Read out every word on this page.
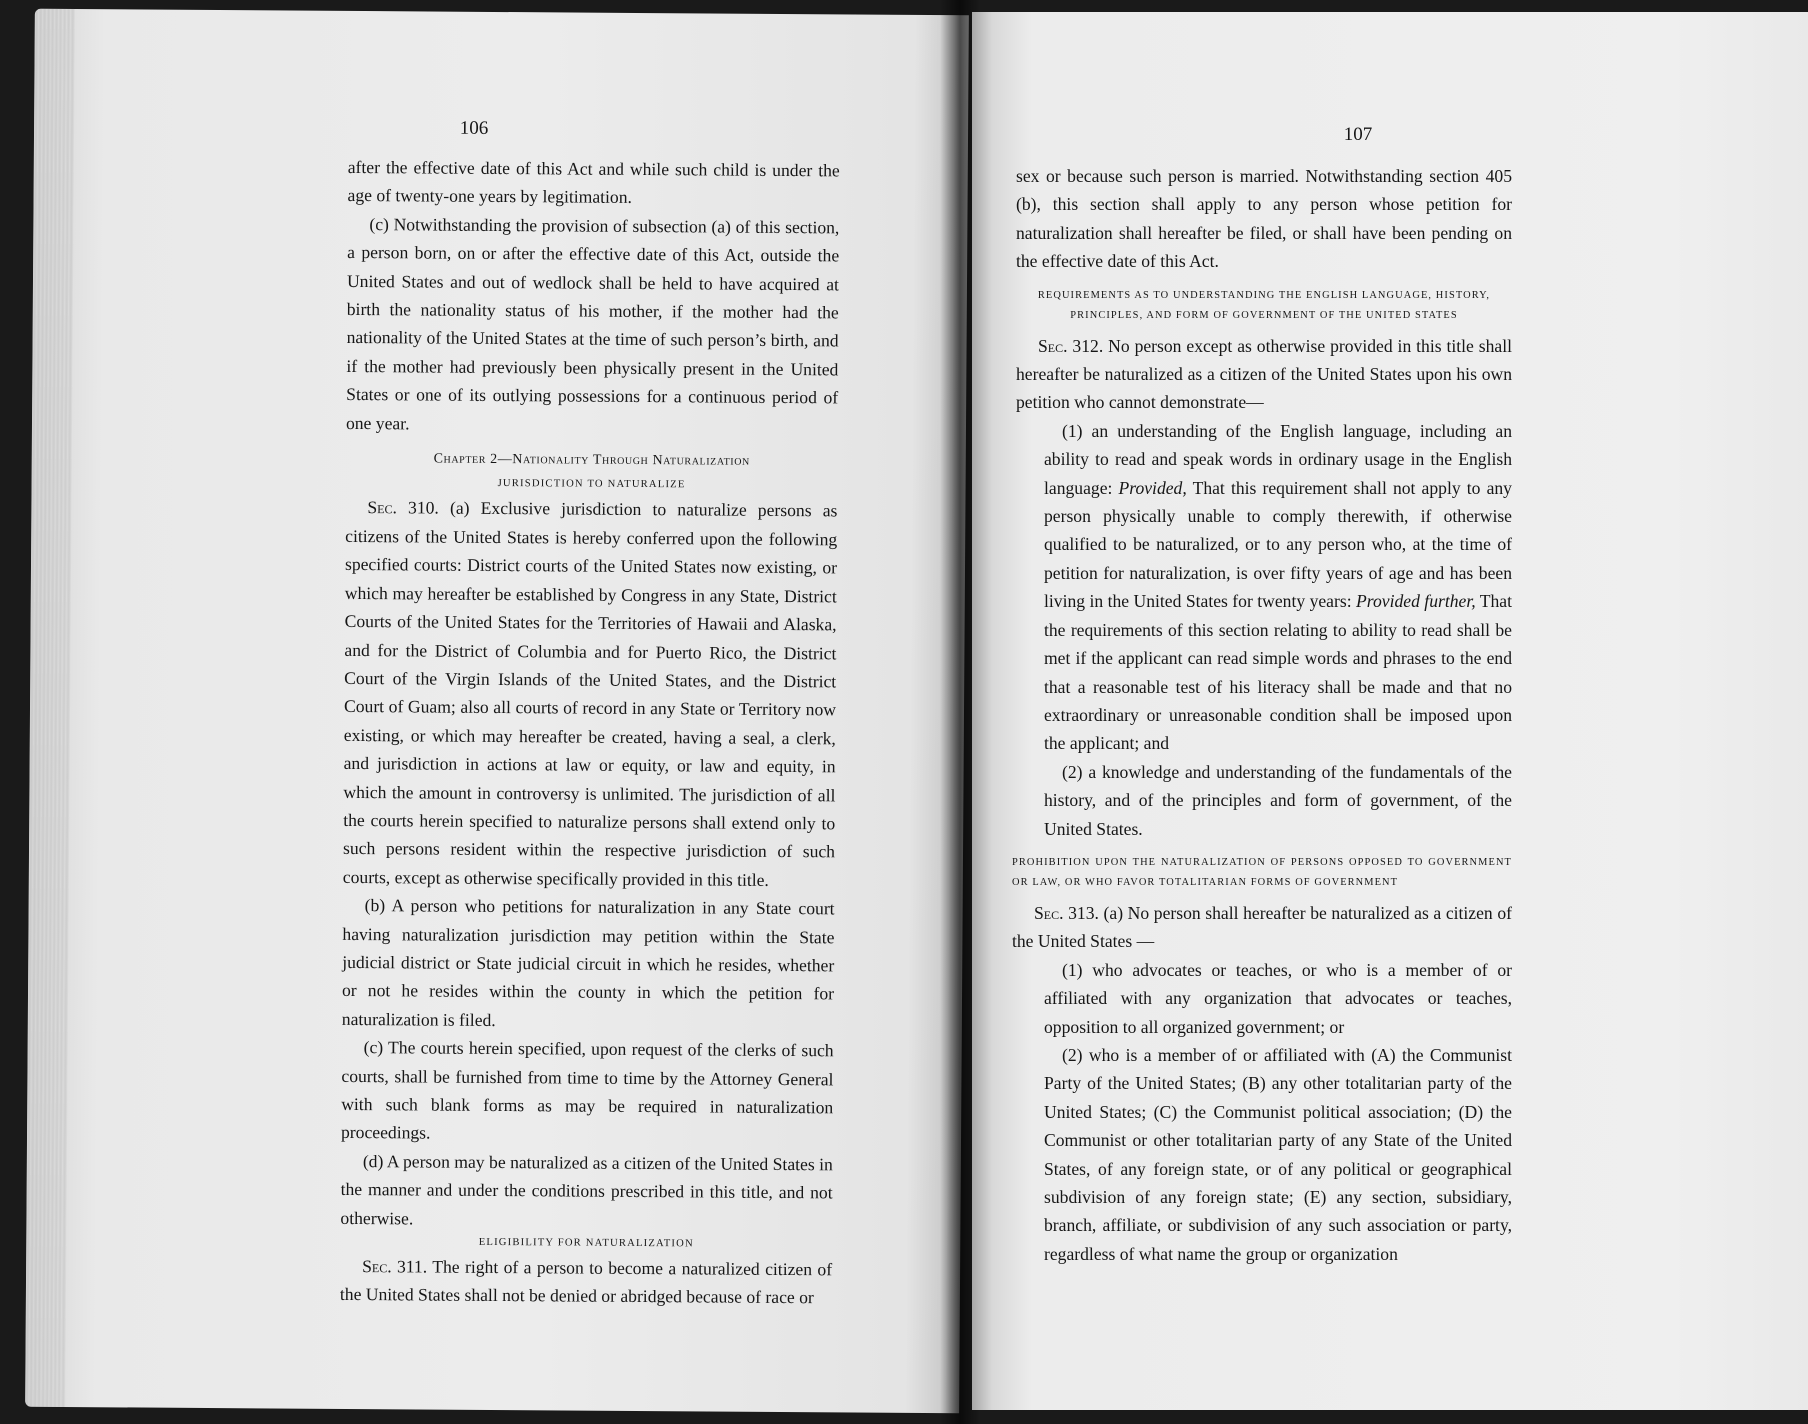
106

after the effective date of this Act and while such child is under the age of twenty-one years by legitimation.

(c) Notwithstanding the provision of subsection (a) of this section, a person born, on or after the effective date of this Act, outside the United States and out of wedlock shall be held to have acquired at birth the nationality status of his mother, if the mother had the nationality of the United States at the time of such person’s birth, and if the mother had previously been physically present in the United States or one of its outlying possessions for a continuous period of one year.

Chapter 2—Nationality Through Naturalization

JURISDICTION TO NATURALIZE

Sec. 310. (a) Exclusive jurisdiction to naturalize persons as citizens of the United States is hereby conferred upon the following specified courts: District courts of the United States now existing, or which may hereafter be established by Congress in any State, District Courts of the United States for the Territories of Hawaii and Alaska, and for the District of Columbia and for Puerto Rico, the District Court of the Virgin Islands of the United States, and the District Court of Guam; also all courts of record in any State or Territory now existing, or which may hereafter be created, having a seal, a clerk, and jurisdiction in actions at law or equity, or law and equity, in which the amount in controversy is unlimited. The jurisdiction of all the courts herein specified to naturalize persons shall extend only to such persons resident within the respective jurisdiction of such courts, except as otherwise specifically provided in this title.

(b) A person who petitions for naturalization in any State court having naturalization jurisdiction may petition within the State judicial district or State judicial circuit in which he resides, whether or not he resides within the county in which the petition for naturalization is filed.

(c) The courts herein specified, upon request of the clerks of such courts, shall be furnished from time to time by the Attorney General with such blank forms as may be required in naturalization proceedings.

(d) A person may be naturalized as a citizen of the United States in the manner and under the conditions prescribed in this title, and not otherwise.

ELIGIBILITY FOR NATURALIZATION

Sec. 311. The right of a person to become a naturalized citizen of the United States shall not be denied or abridged because of race or

107

sex or because such person is married. Notwithstanding section 405 (b), this section shall apply to any person whose petition for naturalization shall hereafter be filed, or shall have been pending on the effective date of this Act.

REQUIREMENTS AS TO UNDERSTANDING THE ENGLISH LANGUAGE, HISTORY, PRINCIPLES, AND FORM OF GOVERNMENT OF THE UNITED STATES

Sec. 312. No person except as otherwise provided in this title shall hereafter be naturalized as a citizen of the United States upon his own petition who cannot demonstrate—

(1) an understanding of the English language, including an ability to read and speak words in ordinary usage in the English language: Provided, That this requirement shall not apply to any person physically unable to comply therewith, if otherwise qualified to be naturalized, or to any person who, at the time of petition for naturalization, is over fifty years of age and has been living in the United States for twenty years: Provided further, That the requirements of this section relating to ability to read shall be met if the applicant can read simple words and phrases to the end that a reasonable test of his literacy shall be made and that no extraordinary or unreasonable condition shall be imposed upon the applicant; and

(2) a knowledge and understanding of the fundamentals of the history, and of the principles and form of government, of the United States.

PROHIBITION UPON THE NATURALIZATION OF PERSONS OPPOSED TO GOVERNMENT OR LAW, OR WHO FAVOR TOTALITARIAN FORMS OF GOVERNMENT

Sec. 313. (a) No person shall hereafter be naturalized as a citizen of the United States —

(1) who advocates or teaches, or who is a member of or affiliated with any organization that advocates or teaches, opposition to all organized government; or

(2) who is a member of or affiliated with (A) the Communist Party of the United States; (B) any other totalitarian party of the United States; (C) the Communist political association; (D) the Communist or other totalitarian party of any State of the United States, of any foreign state, or of any political or geographical subdivision of any foreign state; (E) any section, subsidiary, branch, affiliate, or subdivision of any such association or party, regardless of what name the group or organization
